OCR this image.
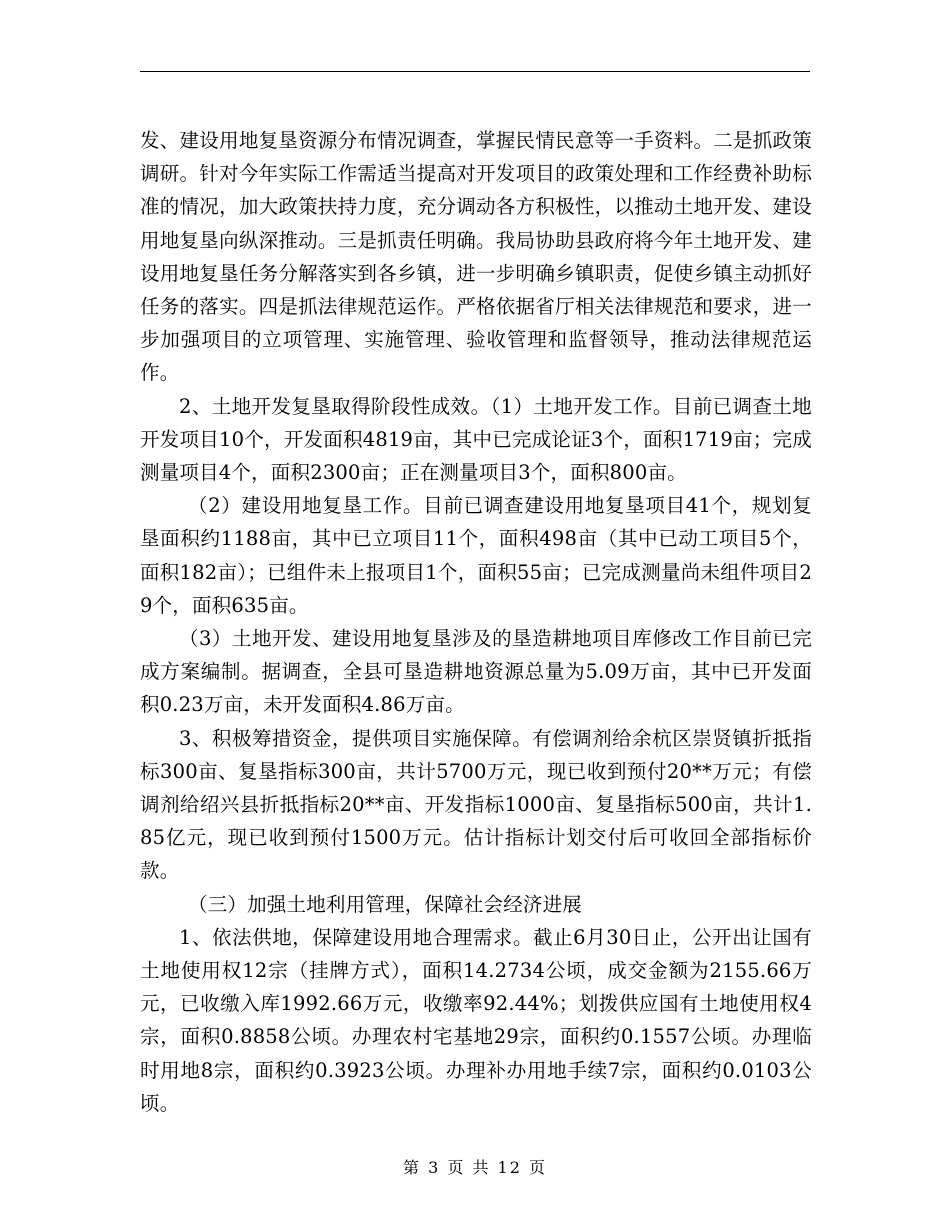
发、建设用地复垦资源分布情况调查，掌握民情民意等一手资料。二是抓政策调研。针对今年实际工作需适当提高对开发项目的政策处理和工作经费补助标准的情况，加大政策扶持力度，充分调动各方积极性，以推动土地开发、建设用地复垦向纵深推动。三是抓责任明确。我局协助县政府将今年土地开发、建设用地复垦任务分解落实到各乡镇，进一步明确乡镇职责，促使乡镇主动抓好任务的落实。四是抓法律规范运作。严格依据省厅相关法律规范和要求，进一步加强项目的立项管理、实施管理、验收管理和监督领导，推动法律规范运作。

2、土地开发复垦取得阶段性成效。（1）土地开发工作。目前已调查土地开发项目10个，开发面积4819亩，其中已完成论证3个，面积1719亩；完成测量项目4个，面积2300亩；正在测量项目3个，面积800亩。

（2）建设用地复垦工作。目前已调查建设用地复垦项目41个，规划复垦面积约1188亩，其中已立项目11个，面积498亩（其中已动工项目5个，面积182亩）；已组件未上报项目1个，面积55亩；已完成测量尚未组件项目29个，面积635亩。

（3）土地开发、建设用地复垦涉及的垦造耕地项目库修改工作目前已完成方案编制。据调查，全县可垦造耕地资源总量为5.09万亩，其中已开发面积0.23万亩，未开发面积4.86万亩。

3、积极筹措资金，提供项目实施保障。有偿调剂给余杭区崇贤镇折抵指标300亩、复垦指标300亩，共计5700万元，现已收到预付20**万元；有偿调剂给绍兴县折抵指标20**亩、开发指标1000亩、复垦指标500亩，共计1.85亿元，现已收到预付1500万元。估计指标计划交付后可收回全部指标价款。

（三）加强土地利用管理，保障社会经济进展

1、依法供地，保障建设用地合理需求。截止6月30日止，公开出让国有土地使用权12宗（挂牌方式），面积14.2734公顷，成交金额为2155.66万元，已收缴入库1992.66万元，收缴率92.44%；划拨供应国有土地使用权4宗，面积0.8858公顷。办理农村宅基地29宗，面积约0.1557公顷。办理临时用地8宗，面积约0.3923公顷。办理补办用地手续7宗，面积约0.0103公顷。

第 3 页 共 12 页
